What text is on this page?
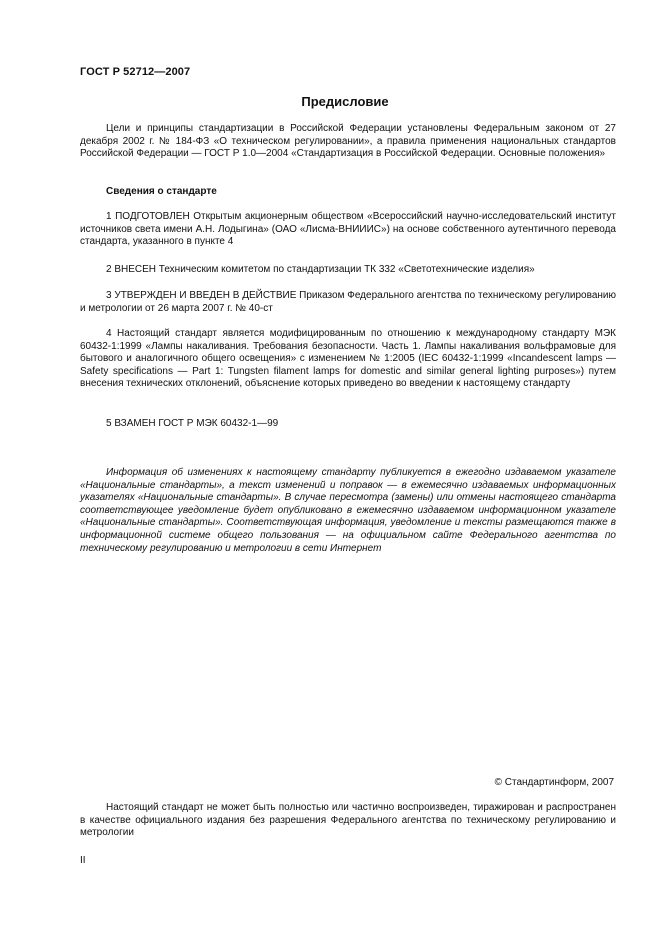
ГОСТ Р 52712—2007
Предисловие

Цели и принципы стандартизации в Российской Федерации установлены Федеральным законом от 27 декабря 2002 г. № 184-ФЗ «О техническом регулировании», а правила применения национальных стандартов Российской Федерации — ГОСТ Р 1.0—2004 «Стандартизация в Российской Федерации. Основные положения»

Сведения о стандарте

1 ПОДГОТОВЛЕН Открытым акционерным обществом «Всероссийский научно-исследовательский институт источников света имени А.Н. Лодыгина» (ОАО «Лисма-ВНИИИС») на основе собственного аутентичного перевода стандарта, указанного в пункте 4

2 ВНЕСЕН Техническим комитетом по стандартизации ТК 332 «Светотехнические изделия»

3 УТВЕРЖДЕН И ВВЕДЕН В ДЕЙСТВИЕ Приказом Федерального агентства по техническому регулированию и метрологии от 26 марта 2007 г. № 40-ст

4 Настоящий стандарт является модифицированным по отношению к международному стандарту МЭК 60432-1:1999 «Лампы накаливания. Требования безопасности. Часть 1. Лампы накаливания вольфрамовые для бытового и аналогичного общего освещения» с изменением № 1:2005 (IEC 60432-1:1999 «Incandescent lamps — Safety specifications — Part 1: Tungsten filament lamps for domestic and similar general lighting purposes») путем внесения технических отклонений, объяснение которых приведено во введении к настоящему стандарту

5 ВЗАМЕН ГОСТ Р МЭК 60432-1—99

Информация об изменениях к настоящему стандарту публикуется в ежегодно издаваемом указателе «Национальные стандарты», а текст изменений и поправок — в ежемесячно издаваемых информационных указателях «Национальные стандарты». В случае пересмотра (замены) или отмены настоящего стандарта соответствующее уведомление будет опубликовано в ежемесячно издаваемом информационном указателе «Национальные стандарты». Соответствующая информация, уведомление и тексты размещаются также в информационной системе общего пользования — на официальном сайте Федерального агентства по техническому регулированию и метрологии в сети Интернет

© Стандартинформ, 2007

Настоящий стандарт не может быть полностью или частично воспроизведен, тиражирован и распространен в качестве официального издания без разрешения Федерального агентства по техническому регулированию и метрологии

II
